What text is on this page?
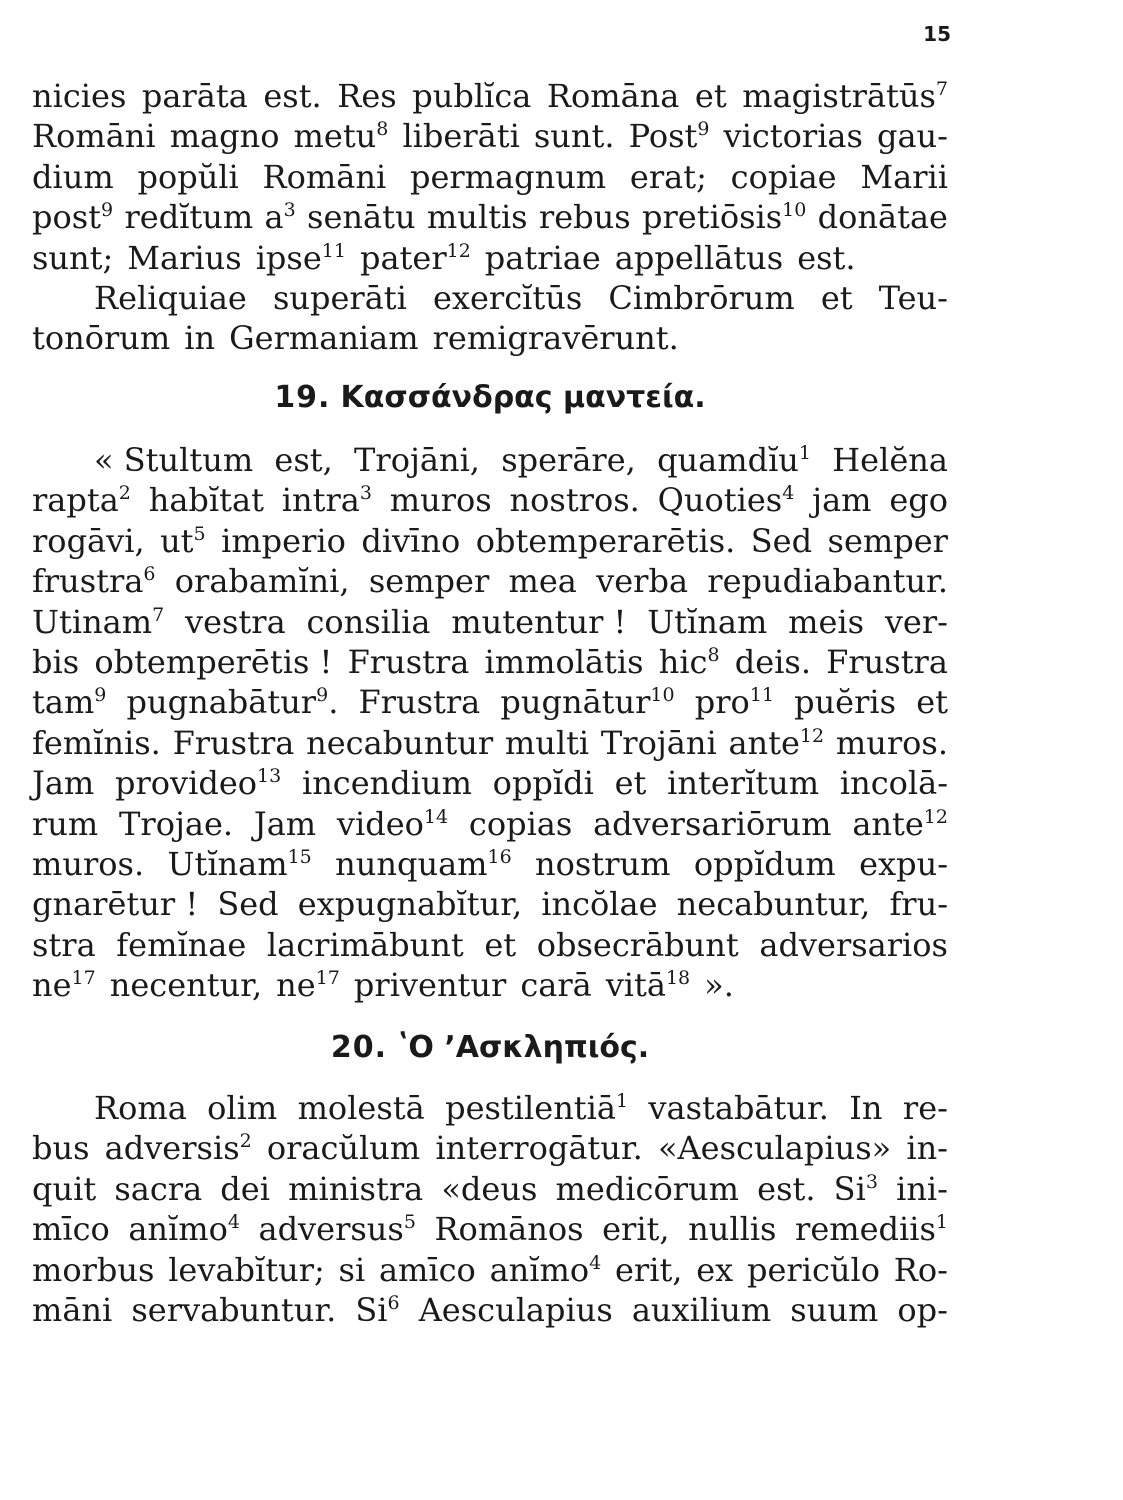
15
nicies parāta est. Res publĭca Romāna et magistrātūs$^7$
Romāni magno metu$^8$ liberāti sunt. Post$^9$ victorias gau-
dium popŭli Romāni permagnum erat; copiae Marii
post$^9$ redĭtum $a^3$ senātu multis rebus pretiōsis$^{10}$ donātae
sunt; Marius ipse$^{11}$ pater$^{12}$ patriae appellātus est.
Reliquiae superāti exercĭtūs Cimbrōrum et Teu-
tonōrum in Germaniam remigravērunt.
19. Κασσάνδρας μαντεία.
« Stultum est, Trojāni, sperāre, quamdĭu$^1$ Helĕna
rapta$^2$ habĭtat intra$^3$ muros nostros. Quoties$^4$ jam ego
rogāvi, $ut^5$ imperio divīno obtemperarētis. Sed semper
frustra$^6$ orabamĭni, semper mea verba repudiabantur.
Utinam$^7$ vestra consilia mutentur ! Utĭnam meis ver-
bis obtemperētis ! Frustra immolātis hic$^8$ deis. Frustra
tam$^9$ pugnabātur$^9$. Frustra pugnātur$^{10}$ pro$^{11}$ puĕris et
femĭnis. Frustra necabuntur multi Trojāni ante$^{12}$ muros.
Jam provideo$^{13}$ incendium oppĭdi et interĭtum incolā-
rum Trojae. Jam video$^{14}$ copias adversariōrum ante$^{12}$
muros. Utĭnam$^{15}$ nunquam$^{16}$ nostrum oppĭdum expu-
gnarētur ! Sed expugnabĭtur, incŏlae necabuntur, fru-
stra femĭnae lacrimābunt et obsecrābunt adversarios
$ne^{17}$ necentur, $ne^{17}$ priventur carā vitā$^{18}$ ».
20. ʽΟ ʼΑσκληπιός.
Roma olim molestā pestilentiā$^1$ vastabātur. In re-
bus adversis$^2$ oracŭlum interrogātur. «Aesculapius» in-
quit sacra dei ministra «deus medicōrum est. Si$^3$ ini-
mīco anĭmo$^4$ adversus$^5$ Romānos erit, nullis remediis$^1$
morbus levabĭtur; si amīco anĭmo$^4$ erit, ex pericŭlo Ro-
māni servabuntur. Si$^6$ Aesculapius auxilium suum op-
